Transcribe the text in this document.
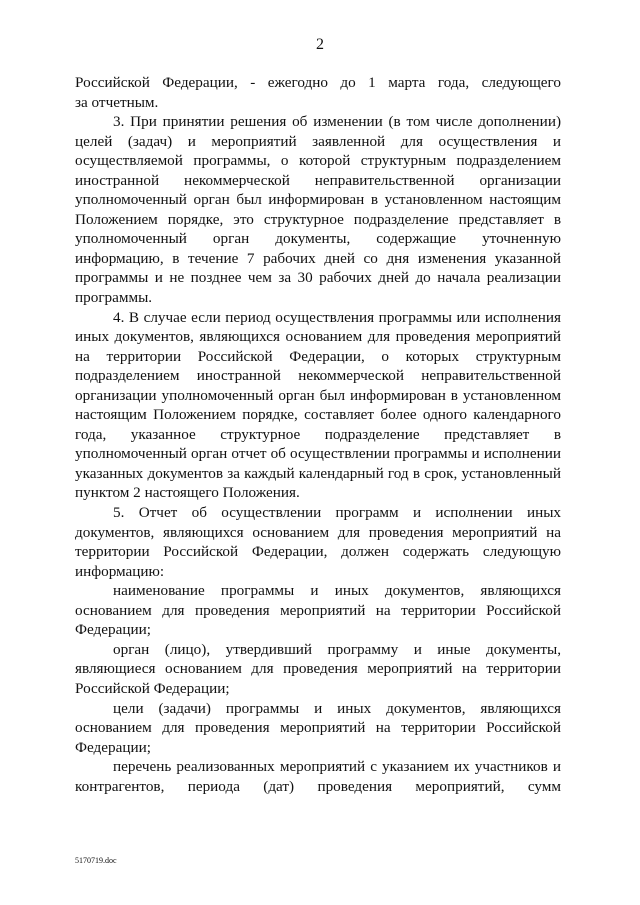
2
Российской Федерации, - ежегодно до 1 марта года, следующего
за отчетным.
3. При принятии решения об изменении (в том числе дополнении)
целей (задач) и мероприятий заявленной для осуществления и
осуществляемой программы, о которой структурным подразделением
иностранной некоммерческой неправительственной организации
уполномоченный орган был информирован в установленном настоящим
Положением порядке, это структурное подразделение представляет в
уполномоченный орган документы, содержащие уточненную
информацию, в течение 7 рабочих дней со дня изменения указанной
программы и не позднее чем за 30 рабочих дней до начала реализации
программы.
4. В случае если период осуществления программы или исполнения
иных документов, являющихся основанием для проведения мероприятий
на территории Российской Федерации, о которых структурным
подразделением иностранной некоммерческой неправительственной
организации уполномоченный орган был информирован в установленном
настоящим Положением порядке, составляет более одного календарного
года, указанное структурное подразделение представляет в
уполномоченный орган отчет об осуществлении программы и исполнении
указанных документов за каждый календарный год в срок, установленный
пунктом 2 настоящего Положения.
5. Отчет об осуществлении программ и исполнении иных
документов, являющихся основанием для проведения мероприятий на
территории Российской Федерации, должен содержать следующую
информацию:
наименование программы и иных документов, являющихся
основанием для проведения мероприятий на территории Российской
Федерации;
орган (лицо), утвердивший программу и иные документы,
являющиеся основанием для проведения мероприятий на территории
Российской Федерации;
цели (задачи) программы и иных документов, являющихся
основанием для проведения мероприятий на территории Российской
Федерации;
перечень реализованных мероприятий с указанием их участников и
контрагентов, периода (дат) проведения мероприятий, сумм
5170719.doc
